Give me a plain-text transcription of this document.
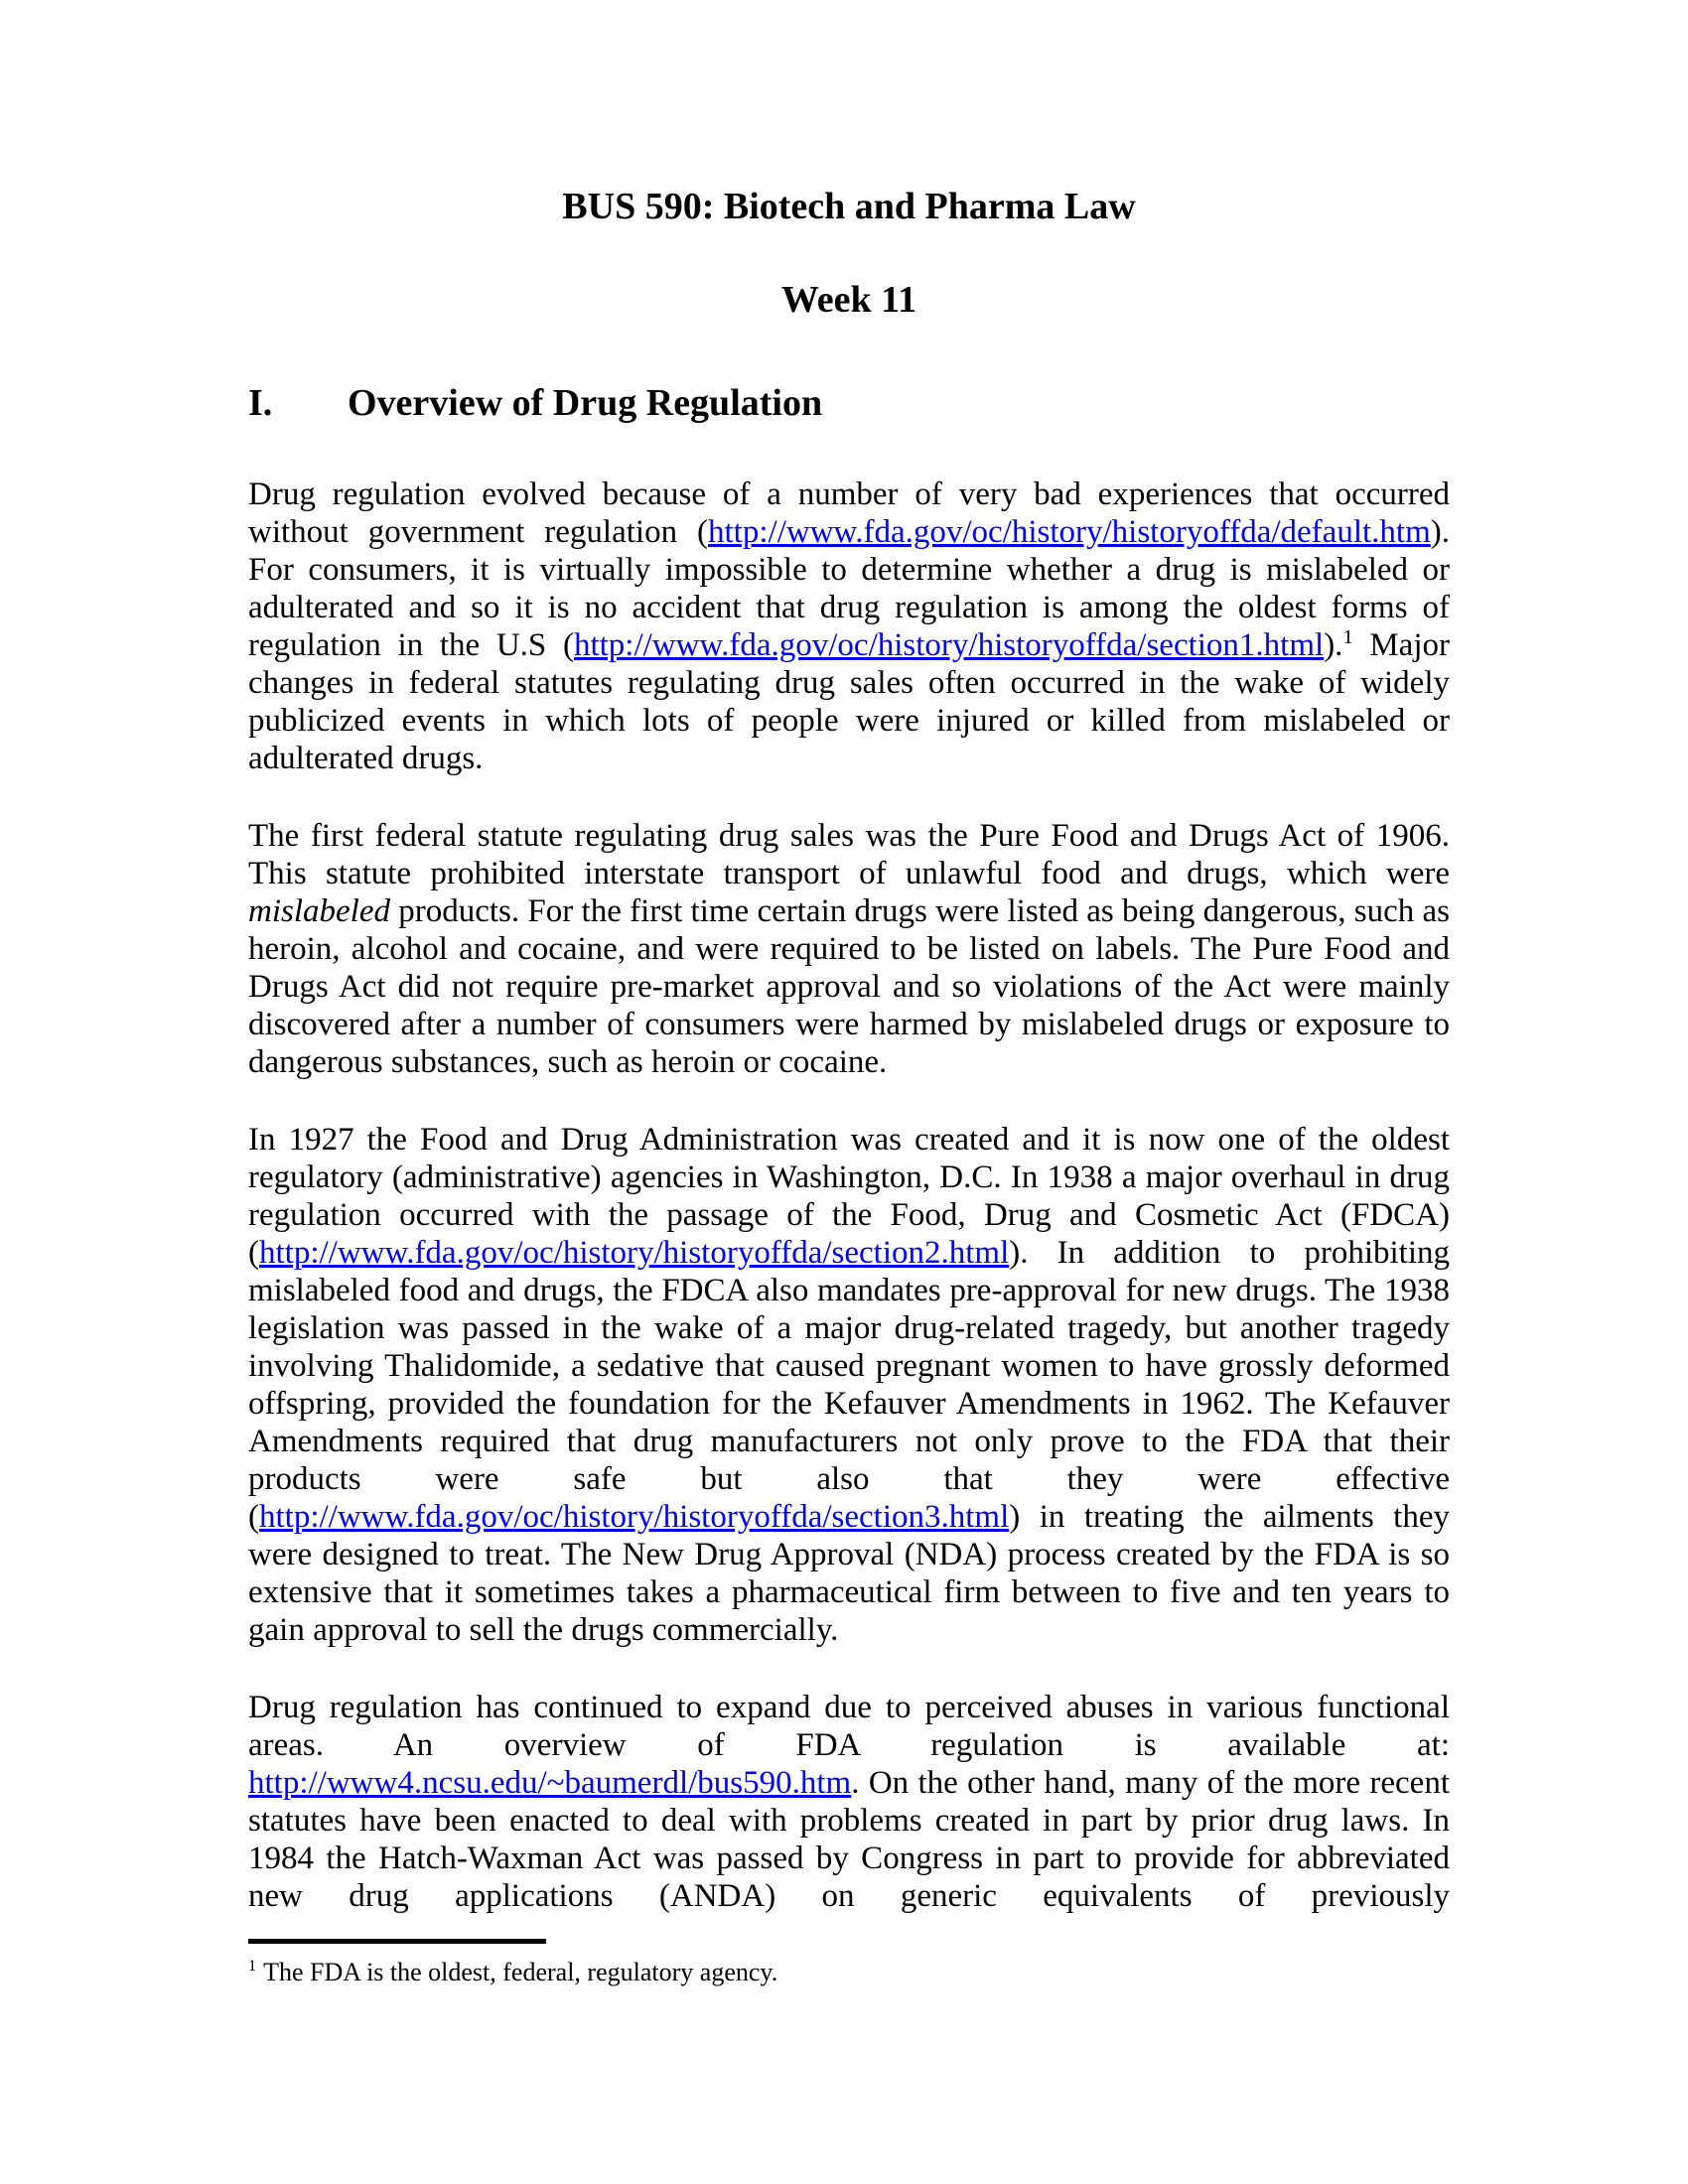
BUS 590: Biotech and Pharma Law
Week 11
I.	Overview of Drug Regulation

Drug regulation evolved because of a number of very bad experiences that occurred without government regulation (http://www.fda.gov/oc/history/historyoffda/default.htm). For consumers, it is virtually impossible to determine whether a drug is mislabeled or adulterated and so it is no accident that drug regulation is among the oldest forms of regulation in the U.S (http://www.fda.gov/oc/history/historyoffda/section1.html).$^1$ Major changes in federal statutes regulating drug sales often occurred in the wake of widely publicized events in which lots of people were injured or killed from mislabeled or adulterated drugs.

The first federal statute regulating drug sales was the Pure Food and Drugs Act of 1906. This statute prohibited interstate transport of unlawful food and drugs, which were mislabeled products. For the first time certain drugs were listed as being dangerous, such as heroin, alcohol and cocaine, and were required to be listed on labels. The Pure Food and Drugs Act did not require pre-market approval and so violations of the Act were mainly discovered after a number of consumers were harmed by mislabeled drugs or exposure to dangerous substances, such as heroin or cocaine.

In 1927 the Food and Drug Administration was created and it is now one of the oldest regulatory (administrative) agencies in Washington, D.C. In 1938 a major overhaul in drug regulation occurred with the passage of the Food, Drug and Cosmetic Act (FDCA) (http://www.fda.gov/oc/history/historyoffda/section2.html). In addition to prohibiting mislabeled food and drugs, the FDCA also mandates pre-approval for new drugs. The 1938 legislation was passed in the wake of a major drug-related tragedy, but another tragedy involving Thalidomide, a sedative that caused pregnant women to have grossly deformed offspring, provided the foundation for the Kefauver Amendments in 1962. The Kefauver Amendments required that drug manufacturers not only prove to the FDA that their products were safe but also that they were effective (http://www.fda.gov/oc/history/historyoffda/section3.html) in treating the ailments they were designed to treat. The New Drug Approval (NDA) process created by the FDA is so extensive that it sometimes takes a pharmaceutical firm between to five and ten years to gain approval to sell the drugs commercially.

Drug regulation has continued to expand due to perceived abuses in various functional areas. An overview of FDA regulation is available at: http://www4.ncsu.edu/~baumerdl/bus590.htm. On the other hand, many of the more recent statutes have been enacted to deal with problems created in part by prior drug laws. In 1984 the Hatch-Waxman Act was passed by Congress in part to provide for abbreviated new drug applications (ANDA) on generic equivalents of previously

$^1$ The FDA is the oldest, federal, regulatory agency.
